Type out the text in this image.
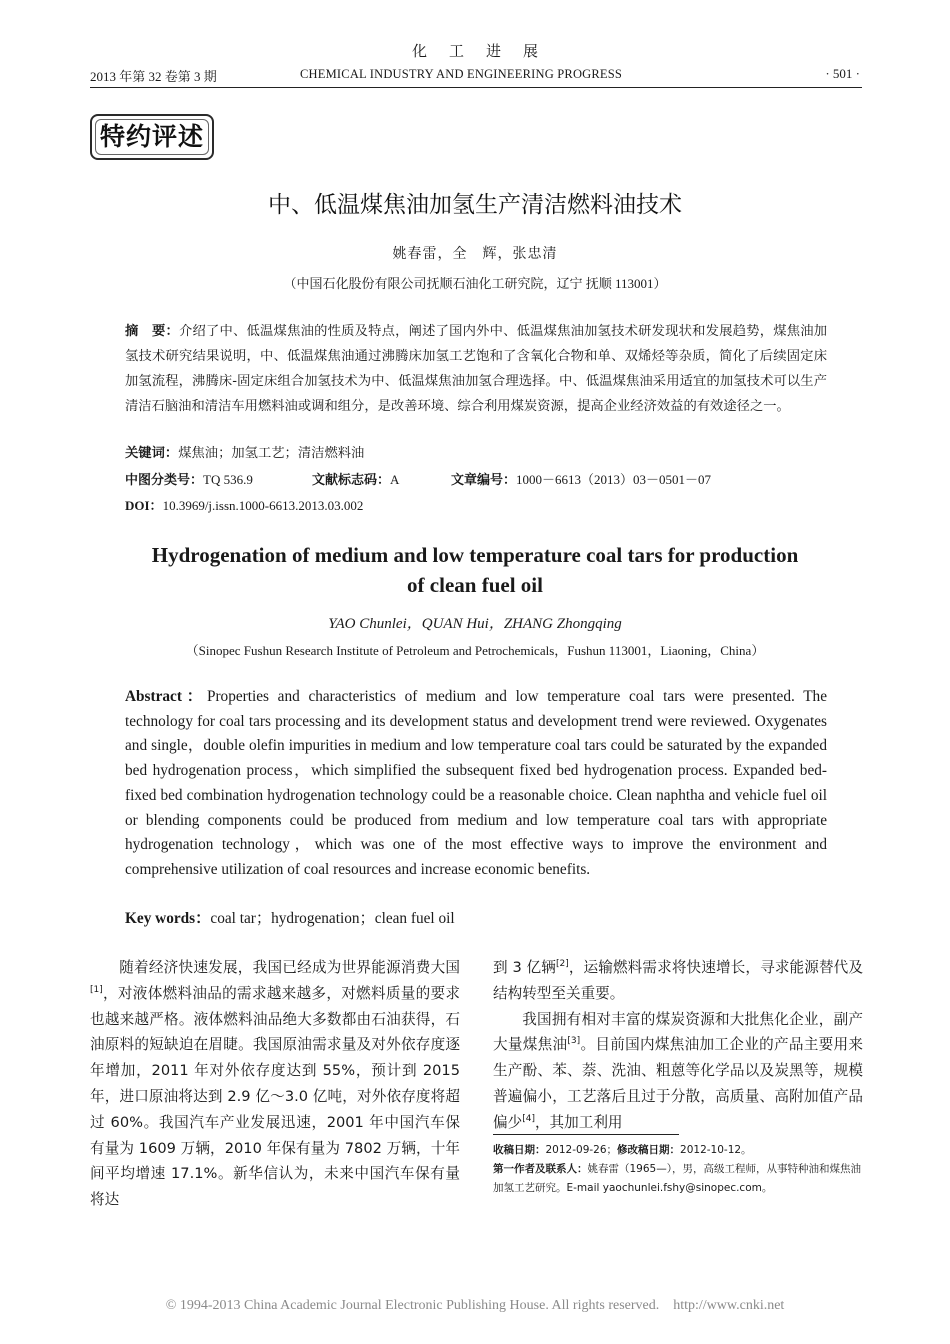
化工进展
2013 年第 32 卷第 3 期	CHEMICAL INDUSTRY AND ENGINEERING PROGRESS	· 501 ·
特约评述
中、低温煤焦油加氢生产清洁燃料油技术
姚春雷，全　辉，张忠清
（中国石化股份有限公司抚顺石油化工研究院，辽宁 抚顺 113001）
摘　要：介绍了中、低温煤焦油的性质及特点，阐述了国内外中、低温煤焦油加氢技术研发现状和发展趋势，煤焦油加氢技术研究结果说明，中、低温煤焦油通过沸腾床加氢工艺饱和了含氧化合物和单、双烯烃等杂质，简化了后续固定床加氢流程，沸腾床-固定床组合加氢技术为中、低温煤焦油加氢合理选择。中、低温煤焦油采用适宜的加氢技术可以生产清洁石脑油和清洁车用燃料油或调和组分，是改善环境、综合利用煤炭资源，提高企业经济效益的有效途径之一。
关键词：煤焦油；加氢工艺；清洁燃料油
中图分类号：TQ 536.9	文献标志码：A	文章编号：1000－6613（2013）03－0501－07
DOI：10.3969/j.issn.1000-6613.2013.03.002
Hydrogenation of medium and low temperature coal tars for production
of clean fuel oil
YAO Chunlei，QUAN Hui，ZHANG Zhongqing
（Sinopec Fushun Research Institute of Petroleum and Petrochemicals，Fushun 113001，Liaoning，China）
Abstract：Properties and characteristics of medium and low temperature coal tars were presented. The technology for coal tars processing and its development status and development trend were reviewed. Oxygenates and single，double olefin impurities in medium and low temperature coal tars could be saturated by the expanded bed hydrogenation process，which simplified the subsequent fixed bed hydrogenation process. Expanded bed-fixed bed combination hydrogenation technology could be a reasonable choice. Clean naphtha and vehicle fuel oil or blending components could be produced from medium and low temperature coal tars with appropriate hydrogenation technology，which was one of the most effective ways to improve the environment and comprehensive utilization of coal resources and increase economic benefits.
Key words：coal tar；hydrogenation；clean fuel oil

随着经济快速发展，我国已经成为世界能源消费大国[1]，对液体燃料油品的需求越来越多，对燃料质量的要求也越来越严格。液体燃料油品绝大多数都由石油获得，石油原料的短缺迫在眉睫。我国原油需求量及对外依存度逐年增加，2011 年对外依存度达到 55%，预计到 2015 年，进口原油将达到 2.9 亿～3.0 亿吨，对外依存度将超过 60%。我国汽车产业发展迅速，2001 年中国汽车保有量为 1609 万辆，2010 年保有量为 7802 万辆，十年间平均增速 17.1%。新华信认为，未来中国汽车保有量将达

到 3 亿辆[2]，运输燃料需求将快速增长，寻求能源替代及结构转型至关重要。

我国拥有相对丰富的煤炭资源和大批焦化企业，副产大量煤焦油[3]。目前国内煤焦油加工企业的产品主要用来生产酚、苯、萘、洗油、粗蒽等化学品以及炭黑等，规模普遍偏小，工艺落后且过于分散，高质量、高附加值产品偏少[4]，其加工利用

收稿日期：2012-09-26；修改稿日期：2012-10-12。

第一作者及联系人：姚春雷（1965—），男，高级工程师，从事特种油和煤焦油加氢工艺研究。E-mail yaochunlei.fshy@sinopec.com。

© 1994-2013 China Academic Journal Electronic Publishing House. All rights reserved.    http://www.cnki.net
